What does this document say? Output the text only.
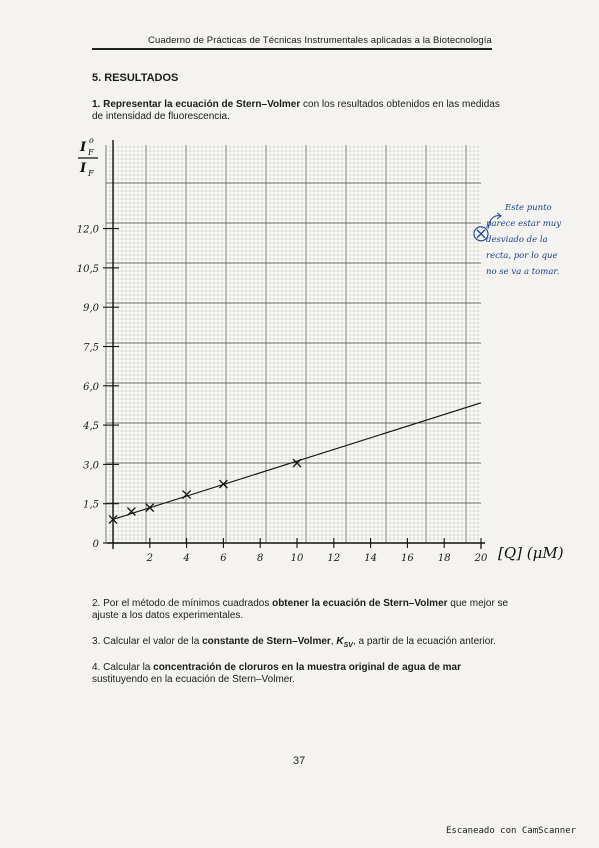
Cuaderno de Prácticas de Técnicas Instrumentales aplicadas a la Biotecnología
5. RESULTADOS
1. Representar la ecuación de Stern–Volmer con los resultados obtenidos en las medidas de intensidad de fluorescencia.
0
1,5
3,0
4,5
6,0
7,5
9,0
10,5
12,0
2	4	6	8	10 12 14 16 18 20
I F
o
I F
[Q] (μM)
Este punto
parece estar muy
desviado de la
recta, por lo que
no se va a tomar.
2. Por el método de mínimos cuadrados obtener la ecuación de Stern–Volmer que mejor se ajuste a los datos experimentales.
3. Calcular el valor de la constante de Stern–Volmer, $K_{SV}$, a partir de la ecuación anterior.
4. Calcular la concentración de cloruros en la muestra original de agua de mar sustituyendo en la ecuación de Stern–Volmer.
37
Escaneado con CamScanner
